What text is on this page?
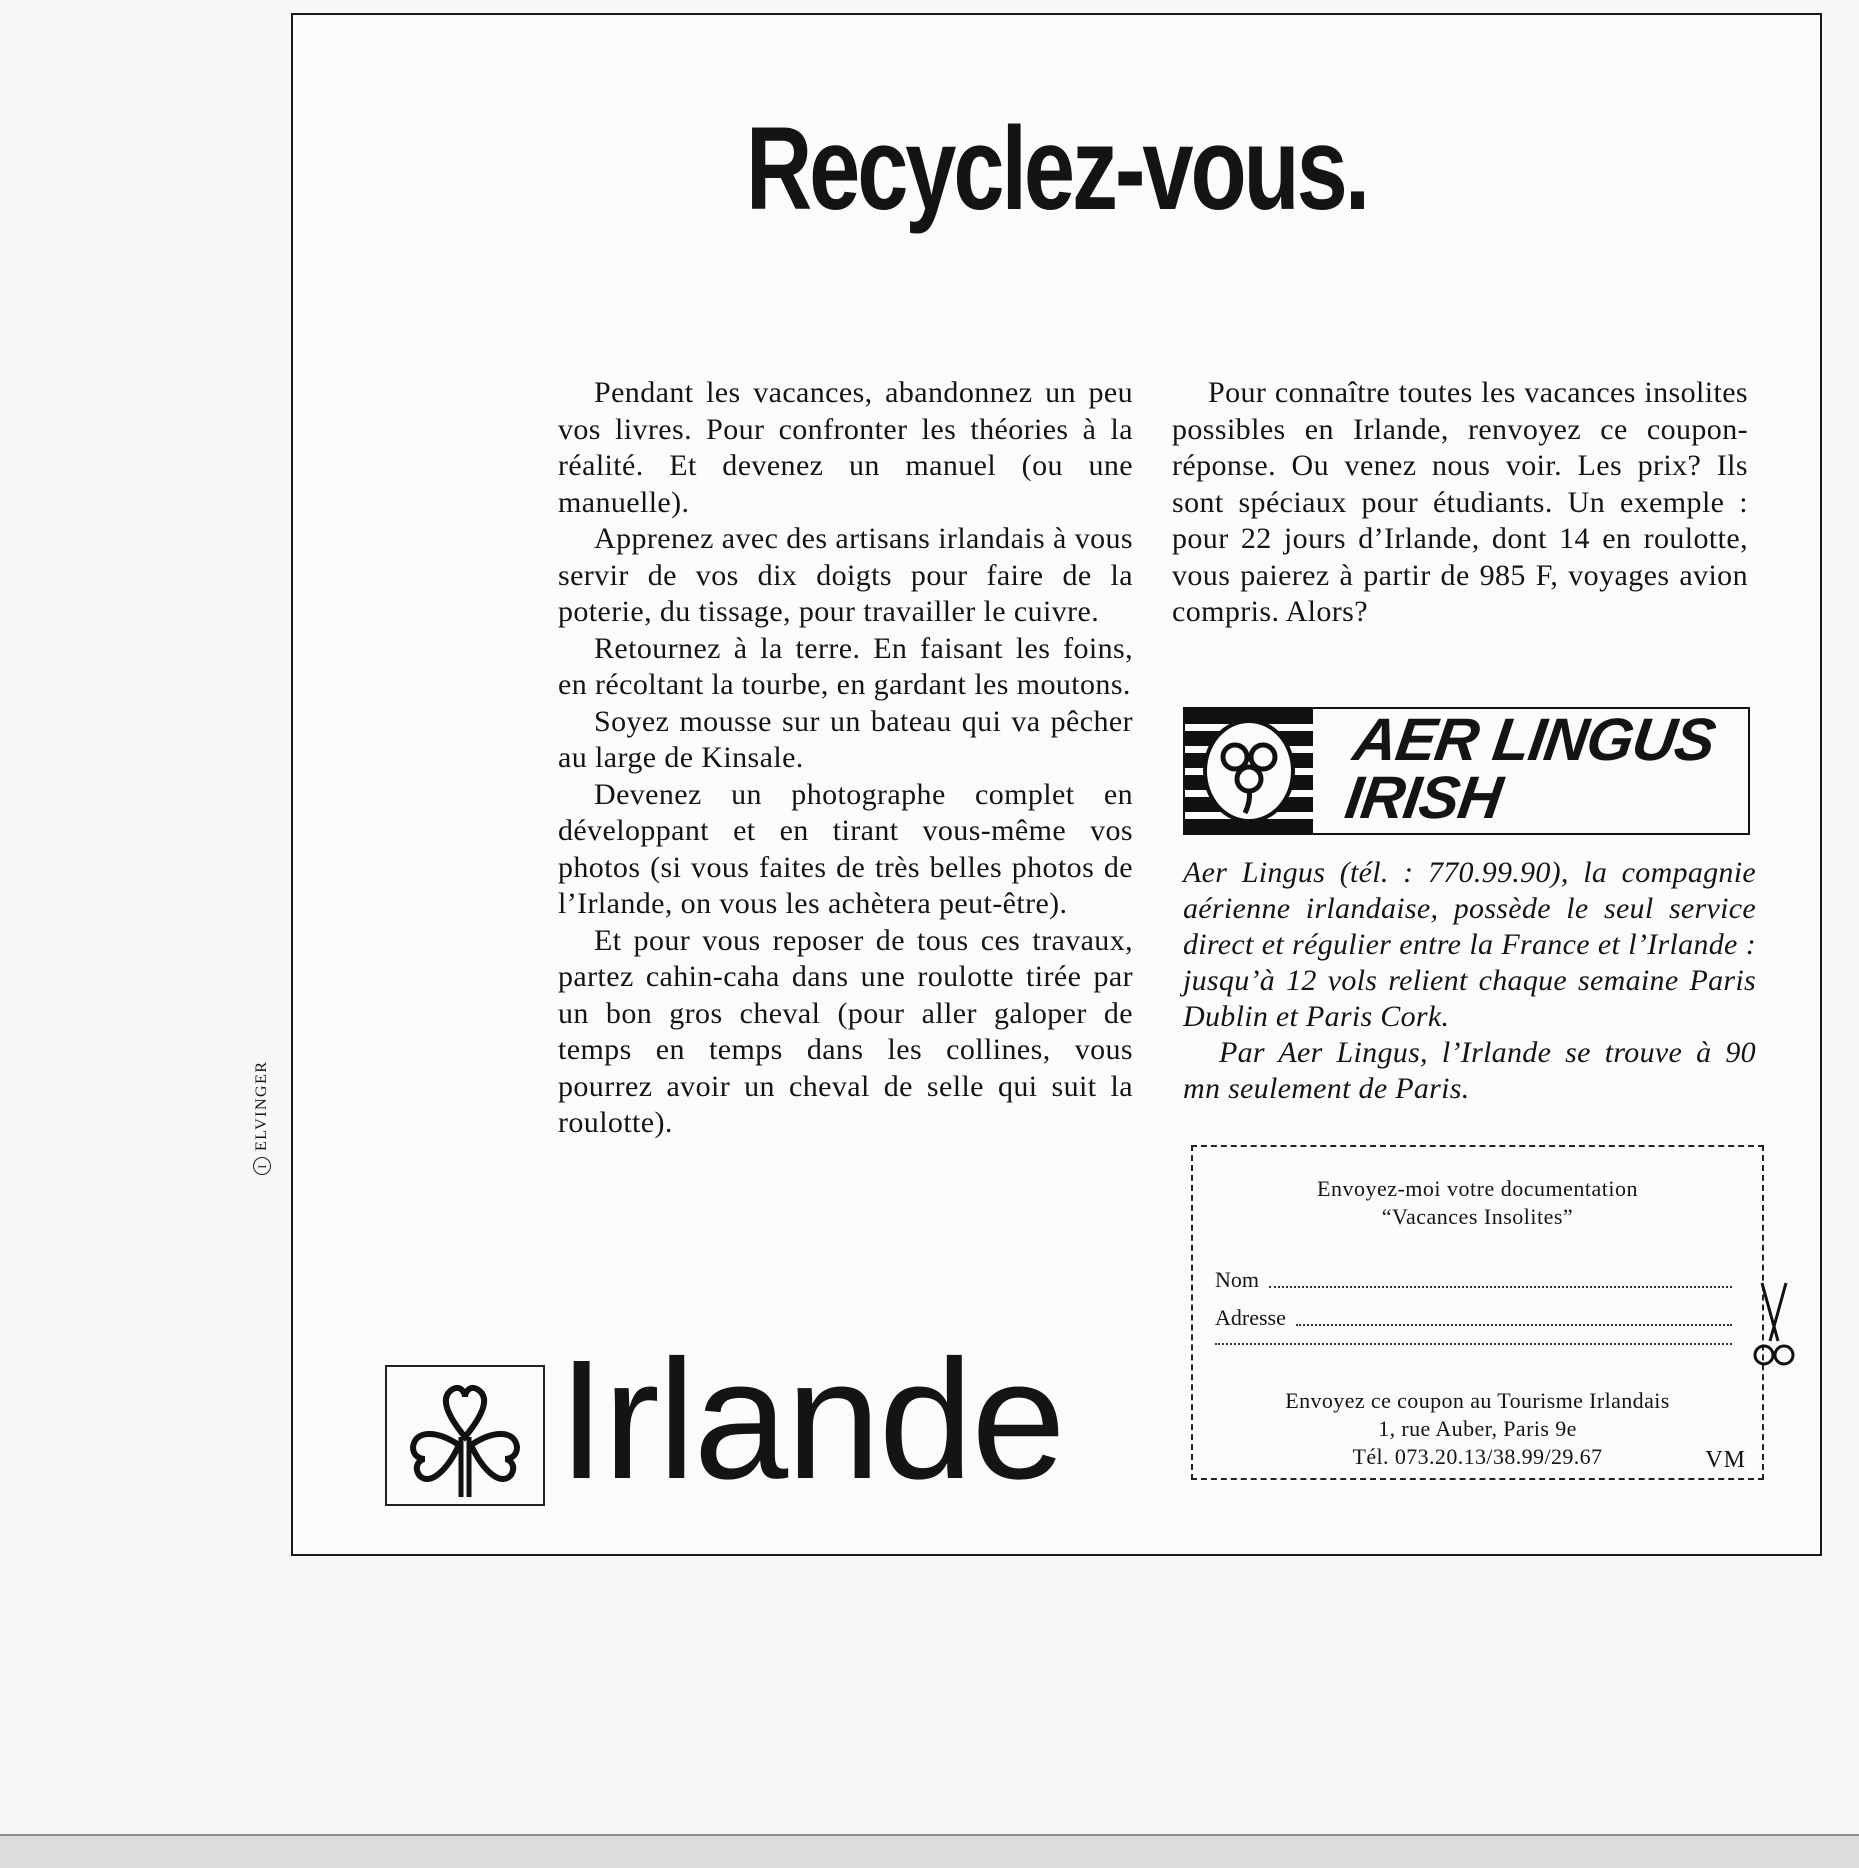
Recyclez-vous.
IELVINGER

Pendant les vacances, abandonnez un peu vos livres. Pour confronter les théories à la réalité. Et devenez un manuel (ou une manuelle).

Apprenez avec des artisans irlandais à vous servir de vos dix doigts pour faire de la poterie, du tissage, pour travailler le cuivre.

Retournez à la terre. En faisant les foins, en récoltant la tourbe, en gardant les moutons.

Soyez mousse sur un bateau qui va pêcher au large de Kinsale.

Devenez un photographe complet en développant et en tirant vous-même vos photos (si vous faites de très belles photos de l’Irlande, on vous les achètera peut-être).

Et pour vous reposer de tous ces travaux, partez cahin-caha dans une roulotte tirée par un bon gros cheval (pour aller galoper de temps en temps dans les collines, vous pourrez avoir un cheval de selle qui suit la roulotte).

Pour connaître toutes les vacances insolites possibles en Irlande, renvoyez ce coupon-réponse. Ou venez nous voir. Les prix? Ils sont spéciaux pour étudiants. Un exemple : pour 22 jours d’Irlande, dont 14 en roulotte, vous paierez à partir de 985 F, voyages avion compris. Alors?

AER LINGUS
IRISH

Aer Lingus (tél. : 770.99.90), la compagnie aérienne irlandaise, possède le seul service direct et régulier entre la France et l’Irlande : jusqu’à 12 vols relient chaque semaine Paris Dublin et Paris Cork.

Par Aer Lingus, l’Irlande se trouve à 90 mn seulement de Paris.

Envoyez-moi votre documentation
“Vacances Insolites”
Nom
Adresse
Envoyez ce coupon au Tourisme Irlandais
1, rue Auber, Paris 9e
Tél. 073.20.13/38.99/29.67	VM
Irlande
